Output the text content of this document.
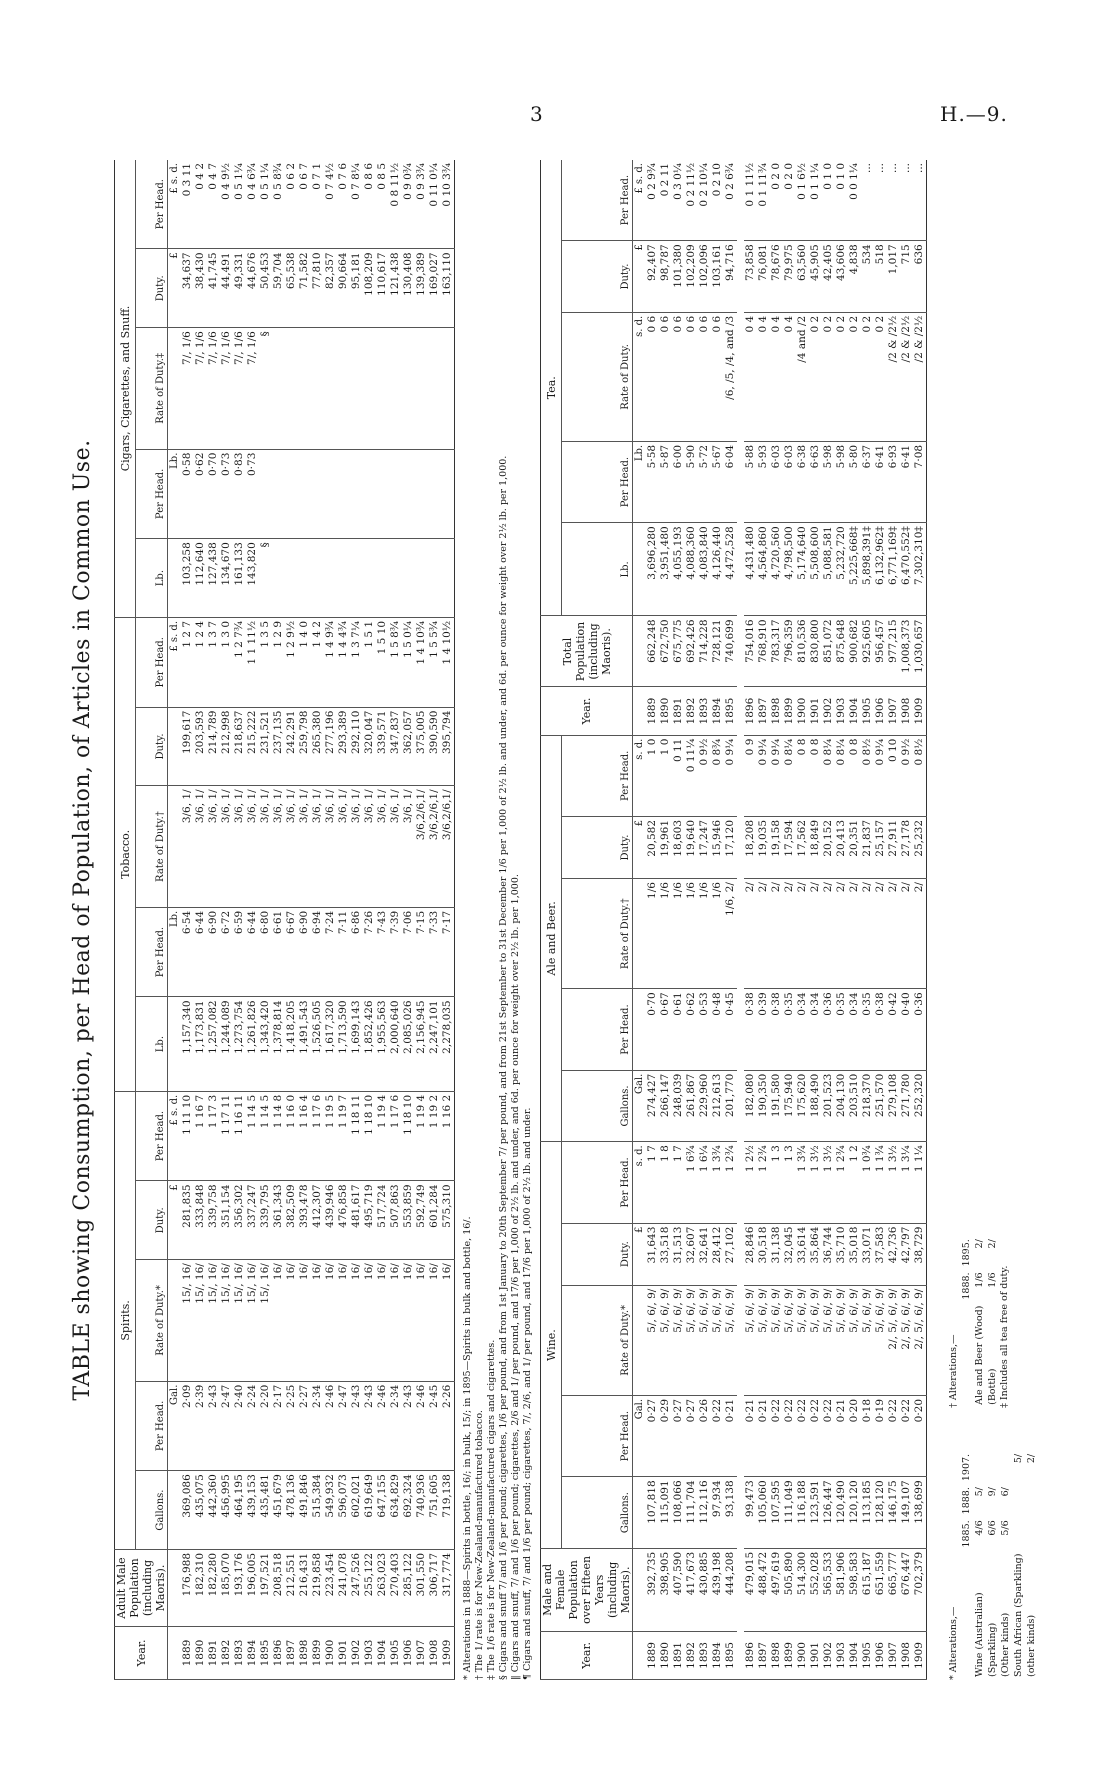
3	H.—9.
TABLE showing Consumption, per Head of Population, of Articles in Common Use.
Year.	Adult Male Population (including Maoris).	Spirits.					Tobacco.					Cigars, Cigarettes, and Snuff.				
		Gallons.	Per Head.	Rate of Duty.*	Duty.	Per Head.	Lb.	Per Head.	Rate of Duty.†	Duty.	Per Head.	Lb.	Per Head.	Rate of Duty.‡	Duty.	Per Head.
			Gal.		£	£ s. d.		Lb.			£ s. d.		Lb.		£	£ s. d.
1889	176,988	369,086	2·09	15/, 16/	281,835	1 11 10	1,157,340	6·54	3/6, 1/	199,617	1 2 7	103,258	0·58	7/, 1/6	34,637	0 3 11
1890	182,310	435,075	2·39	15/, 16/	333,848	1 16 7	1,173,831	6·44	3/6, 1/	203,593	1 2 4	112,640	0·62	7/, 1/6	38,430	0 4 2
1891	182,280	442,360	2·43	15/, 16/	339,758	1 17 3	1,257,082	6·90	3/6, 1/	214,789	1 3 7	127,438	0·70	7/, 1/6	41,745	0 4 7
1892	185,070	456,995	2·47	15/, 16/	351,154	1 17 11	1,244,089	6·72	3/6, 1/	212,998	1 3 0	134,670	0·73	7/, 1/6	44,491	0 4 9½
1893	193,176	464,195	2·40	15/, 16/	356,302	1 16 11	1,273,754	6·59	3/6, 1/	218,637	1 2 7¾	161,133	0·83	7/, 1/6	49,331	0 5 1¼
1894	196,005	439,153	2·24	15/, 16/	337,247	1 14 5	1,261,826	6·44	3/6, 1/	215,222	1 1 11½	143,820	0·73	7/, 1/6	44,676	0 4 6¾
1895	197,521	435,481	2·20	15/, 16/	339,795	1 14 5	1,343,420	6·80	3/6, 1/	231,521	1 3 5	§		§	50,453	0 5 1¼
1896	208,518	451,679	2·17	16/	361,343	1 14 8	1,378,814	6·61	3/6, 1/	237,135	1 2 9				59,704	0 5 8¾
1897	212,551	478,136	2·25	16/	382,509	1 16 0	1,418,205	6·67	3/6, 1/	242,291	1 2 9½				65,538	0 6 2
1898	216,431	491,846	2·27	16/	393,478	1 16 4	1,491,543	6·90	3/6, 1/	259,798	1 4 0				71,582	0 6 7
1899	219,858	515,384	2·34	16/	412,307	1 17 6	1,526,505	6·94	3/6, 1/	265,380	1 4 2				77,810	0 7 1
1900	223,454	549,932	2·46	16/	439,946	1 19 5	1,617,320	7·24	3/6, 1/	277,196	1 4 9¾				82,357	0 7 4½
1901	241,078	596,073	2·47	16/	476,858	1 19 7	1,713,590	7·11	3/6, 1/	293,389	1 4 4¾				90,664	0 7 6
1902	247,526	602,021	2·43	16/	481,617	1 18 11	1,699,143	6·86	3/6, 1/	292,110	1 3 7¼				95,181	0 7 8¼
1903	255,122	619,649	2·43	16/	495,719	1 18 10	1,852,426	7·26	3/6, 1/	320,047	1 5 1				108,209	0 8 6
1904	263,023	647,155	2·46	16/	517,724	1 19 4	1,955,563	7·43	3/6, 1/	339,571	1 5 10				110,617	0 8 5
1905	270,403	634,829	2·34	16/	507,863	1 17 6	2,000,640	7·39	3/6, 1/	347,837	1 5 8¾				121,438	0 8 11½
1906	285,122	692,324	2·43	16/	553,859	1 18 10	2,085,026	7·06	3/6, 1/	362,057	1 5 0¼				130,408	0 9 0¾
1907	301,550	740,936	2·46	16/	592,749	1 19 4	2,156,945	7·15	3/6,2/6,1/	375,005	1 4 10¾				139,389	0 9 3¾
1908	306,717	751,605	2·45	16/	601,284	1 19 2	2,247,101	7·33	3/6,2/6,1/	390,590	1 5 5¾				169,027	0 11 0¼
1909	317,774	719,138	2·26	16/	575,310	1 16 2	2,278,035	7·17	3/6,2/6,1/	395,794	1 4 10½				163,110	0 10 3¾

* Alterations in 1888—Spirits in bottle, 16/; in bulk, 15/; in 1895—Spirits in bulk and bottle, 16/. † The 1/ rate is for New-Zealand-manufactured tobacco. ‡ The 1/6 rate is for New-Zealand-manufactured cigars and cigarettes. § Cigars and snuff 7/ and 1/6 per pound; cigarettes, 1/6 per pound, and from 1st January to 20th September 7/ per pound, and from 21st September to 31st December 1/6 per 1,000 of 2½ lb. and under, and 6d. per ounce for weight over 2½ lb. per 1,000. ‖ Cigars and snuff, 7/ and 1/6 per pound; cigarettes, 2/6 and 1/ per pound, and 17/6 per 1,000 of 2½ lb. and under, and 6d. per ounce for weight over 2½ lb. per 1,000. ¶ Cigars and snuff, 7/ and 1/6 per pound; cigarettes, 7/, 2/6, and 1/ per pound, and 17/6 per 1,000 of 2½ lb. and under.	Year.	Male and Female Population over Fifteen Years (including Maoris).	Wine.					Ale and Beer.					Year.	Total Population (including Maoris).	Tea.				
		Gallons.	Per Head.	Rate of Duty.*	Duty.	Per Head.	Gallons.	Per Head.	Rate of Duty.†	Duty.	Per Head.			Lb.	Per Head.	Rate of Duty.	Duty.	Per Head.
			Gal.		£	s. d.	Gal.			£	s. d.				Lb.	s. d.	£	£ s. d.
1889	392,735	107,818	0·27	5/, 6/, 9/	31,643	1 7	274,427	0·70	1/6	20,582	1 0	1889	662,248	3,696,280	5·58	0 6	92,407	0 2 9¾
1890	398,905	115,091	0·29	5/, 6/, 9/	33,518	1 8	266,147	0·67	1/6	19,961	1 0	1890	672,750	3,951,480	5·87	0 6	98,787	0 2 11
1891	407,590	108,066	0·27	5/, 6/, 9/	31,513	1 7	248,039	0·61	1/6	18,603	0 11	1891	675,775	4,055,193	6·00	0 6	101,380	0 3 0¼
1892	417,673	111,704	0·27	5/, 6/, 9/	32,607	1 6¾	261,867	0·62	1/6	19,640	0 11¼	1892	692,426	4,088,360	5·90	0 6	102,209	0 2 11½
1893	430,885	112,116	0·26	5/, 6/, 9/	32,641	1 6¼	229,960	0·53	1/6	17,247	0 9½	1893	714,228	4,083,840	5·72	0 6	102,096	0 2 10¼
1894	439,198	97,934	0·22	5/, 6/, 9/	28,412	1 3¾	212,613	0·48	1/6	15,946	0 8¾	1894	728,121	4,126,440	5·67	0 6	103,161	0 2 10
1895	444,208	93,138	0·21	5/, 6/, 9/	27,102	1 2¾	201,770	0·45	1/6, 2/	17,120	0 9¼	1895	740,699	4,472,528	6·04	/6, /5, /4, and /3	94,716	0 2 6¾

1896	479,015	99,473	0·21	5/, 6/, 9/	28,846	1 2½	182,080	0·38	2/	18,208	0 9	1896	754,016	4,431,480	5·88	0 4	73,858	0 1 11½
1897	488,472	105,060	0·21	5/, 6/, 9/	30,518	1 2¾	190,350	0·39	2/	19,035	0 9¼	1897	768,910	4,564,860	5·93	0 4	76,081	0 1 11¾
1898	497,619	107,595	0·22	5/, 6/, 9/	31,138	1 3	191,580	0·38	2/	19,158	0 9¼	1898	783,317	4,720,560	6·03	0 4	78,676	0 2 0
1899	505,890	111,049	0·22	5/, 6/, 9/	32,045	1 3	175,940	0·35	2/	17,594	0 8¼	1899	796,359	4,798,500	6·03	0 4	79,975	0 2 0
1900	514,300	116,188	0·22	5/, 6/, 9/	33,614	1 3¾	175,620	0·34	2/	17,562	0 8	1900	810,536	5,174,640	6·38	/4 and /2	63,560	0 1 6½
1901	552,028	123,591	0·22	5/, 6/, 9/	35,864	1 3½	188,490	0·34	2/	18,849	0 8	1901	830,800	5,508,600	6·63	0 2	45,905	0 1 1¼
1902	565,533	126,447	0·22	5/, 6/, 9/	36,744	1 3½	201,523	0·36	2/	20,152	0 8¼	1902	851,072	5,088,581	5·98	0 2	42,405	0 1 0
1903	581,906	120,490	0·21	5/, 6/, 9/	35,710	1 2¾	204,130	0·35	2/	20,413	0 8¼	1903	875,648	5,232,720	5·98	0 2	43,606	0 1 0
1904	598,583	120,120	0·20	5/, 6/, 9/	35,018	1 2	203,510	0·34	2/	20,351	0 8	1904	900,682	5,225,668‡	5·80	0 2	4,838	0 0 1¼
1905	615,187	113,185	0·18	5/, 6/, 9/	33,071	1 0¾	218,370	0·35	2/	21,837	0 8½	1905	925,605	5,898,391‡	6·37	0 2	534	...
1906	651,559	128,120	0·19	5/, 6/, 9/	37,583	1 1¾	251,570	0·38	2/	25,157	0 9¼	1906	956,457	6,132,962‡	6·41	0 2	518	...
1907	665,777	146,175	0·22	2/, 5/, 6/, 9/	42,736	1 3½	279,108	0·42	2/	27,911	0 10	1907	977,215	6,771,169‡	6·93	/2 & /2½	1,017	...
1908	676,447	149,107	0·22	2/, 5/, 6/, 9/	42,797	1 3¼	271,780	0·40	2/	27,178	0 9½	1908	1,008,373	6,470,552‡	6·41	/2 & /2½	715	...
1909	702,379	138,699	0·20	2/, 5/, 6/, 9/	38,729	1 1¼	252,320	0·36	2/	25,232	0 8½	1909	1,030,657	7,302,310‡	7·08	/2 & /2½	636	...
* Alterations,—
	1885.	1888.	1907.
Wine (Australian)	4/6	5/	
(Sparkling)	6/6	9/	
(Other kinds)	5/6	6/	
South African (Sparkling)			5/
(other kinds)			2/

† Alterations,—
	1888.	1895.
Ale and Beer (Wood)	1/6	2/
(Bottle)	1/6	2/
‡ Includes all tea free of duty.
